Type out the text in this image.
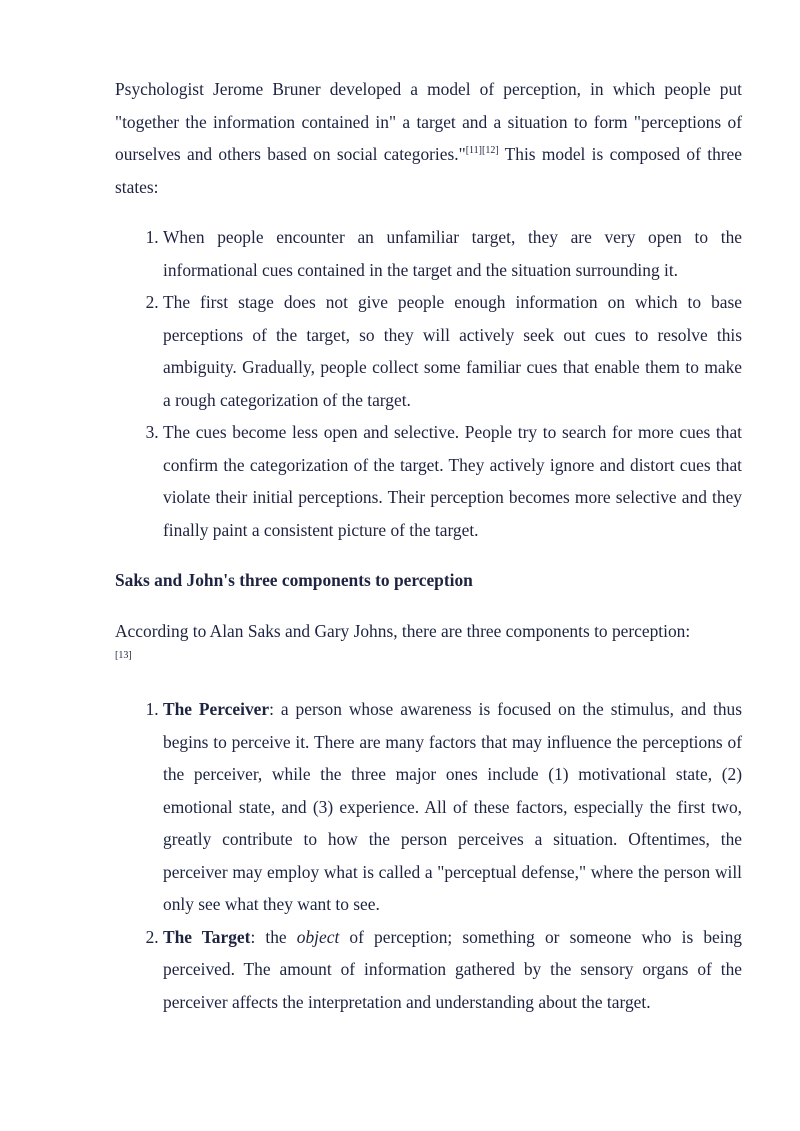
Psychologist Jerome Bruner developed a model of perception, in which people put "together the information contained in" a target and a situation to form "perceptions of ourselves and others based on social categories."[11][12] This model is composed of three states:

1. When people encounter an unfamiliar target, they are very open to the informational cues contained in the target and the situation surrounding it.
2. The first stage does not give people enough information on which to base perceptions of the target, so they will actively seek out cues to resolve this ambiguity. Gradually, people collect some familiar cues that enable them to make a rough categorization of the target.
3. The cues become less open and selective. People try to search for more cues that confirm the categorization of the target. They actively ignore and distort cues that violate their initial perceptions. Their perception becomes more selective and they finally paint a consistent picture of the target.
Saks and John's three components to perception

According to Alan Saks and Gary Johns, there are three components to perception:

[13]
1. The Perceiver: a person whose awareness is focused on the stimulus, and thus begins to perceive it. There are many factors that may influence the perceptions of the perceiver, while the three major ones include (1) motivational state, (2) emotional state, and (3) experience. All of these factors, especially the first two, greatly contribute to how the person perceives a situation. Oftentimes, the perceiver may employ what is called a "perceptual defense," where the person will only see what they want to see.
2. The Target: the object of perception; something or someone who is being perceived. The amount of information gathered by the sensory organs of the perceiver affects the interpretation and understanding about the target.
